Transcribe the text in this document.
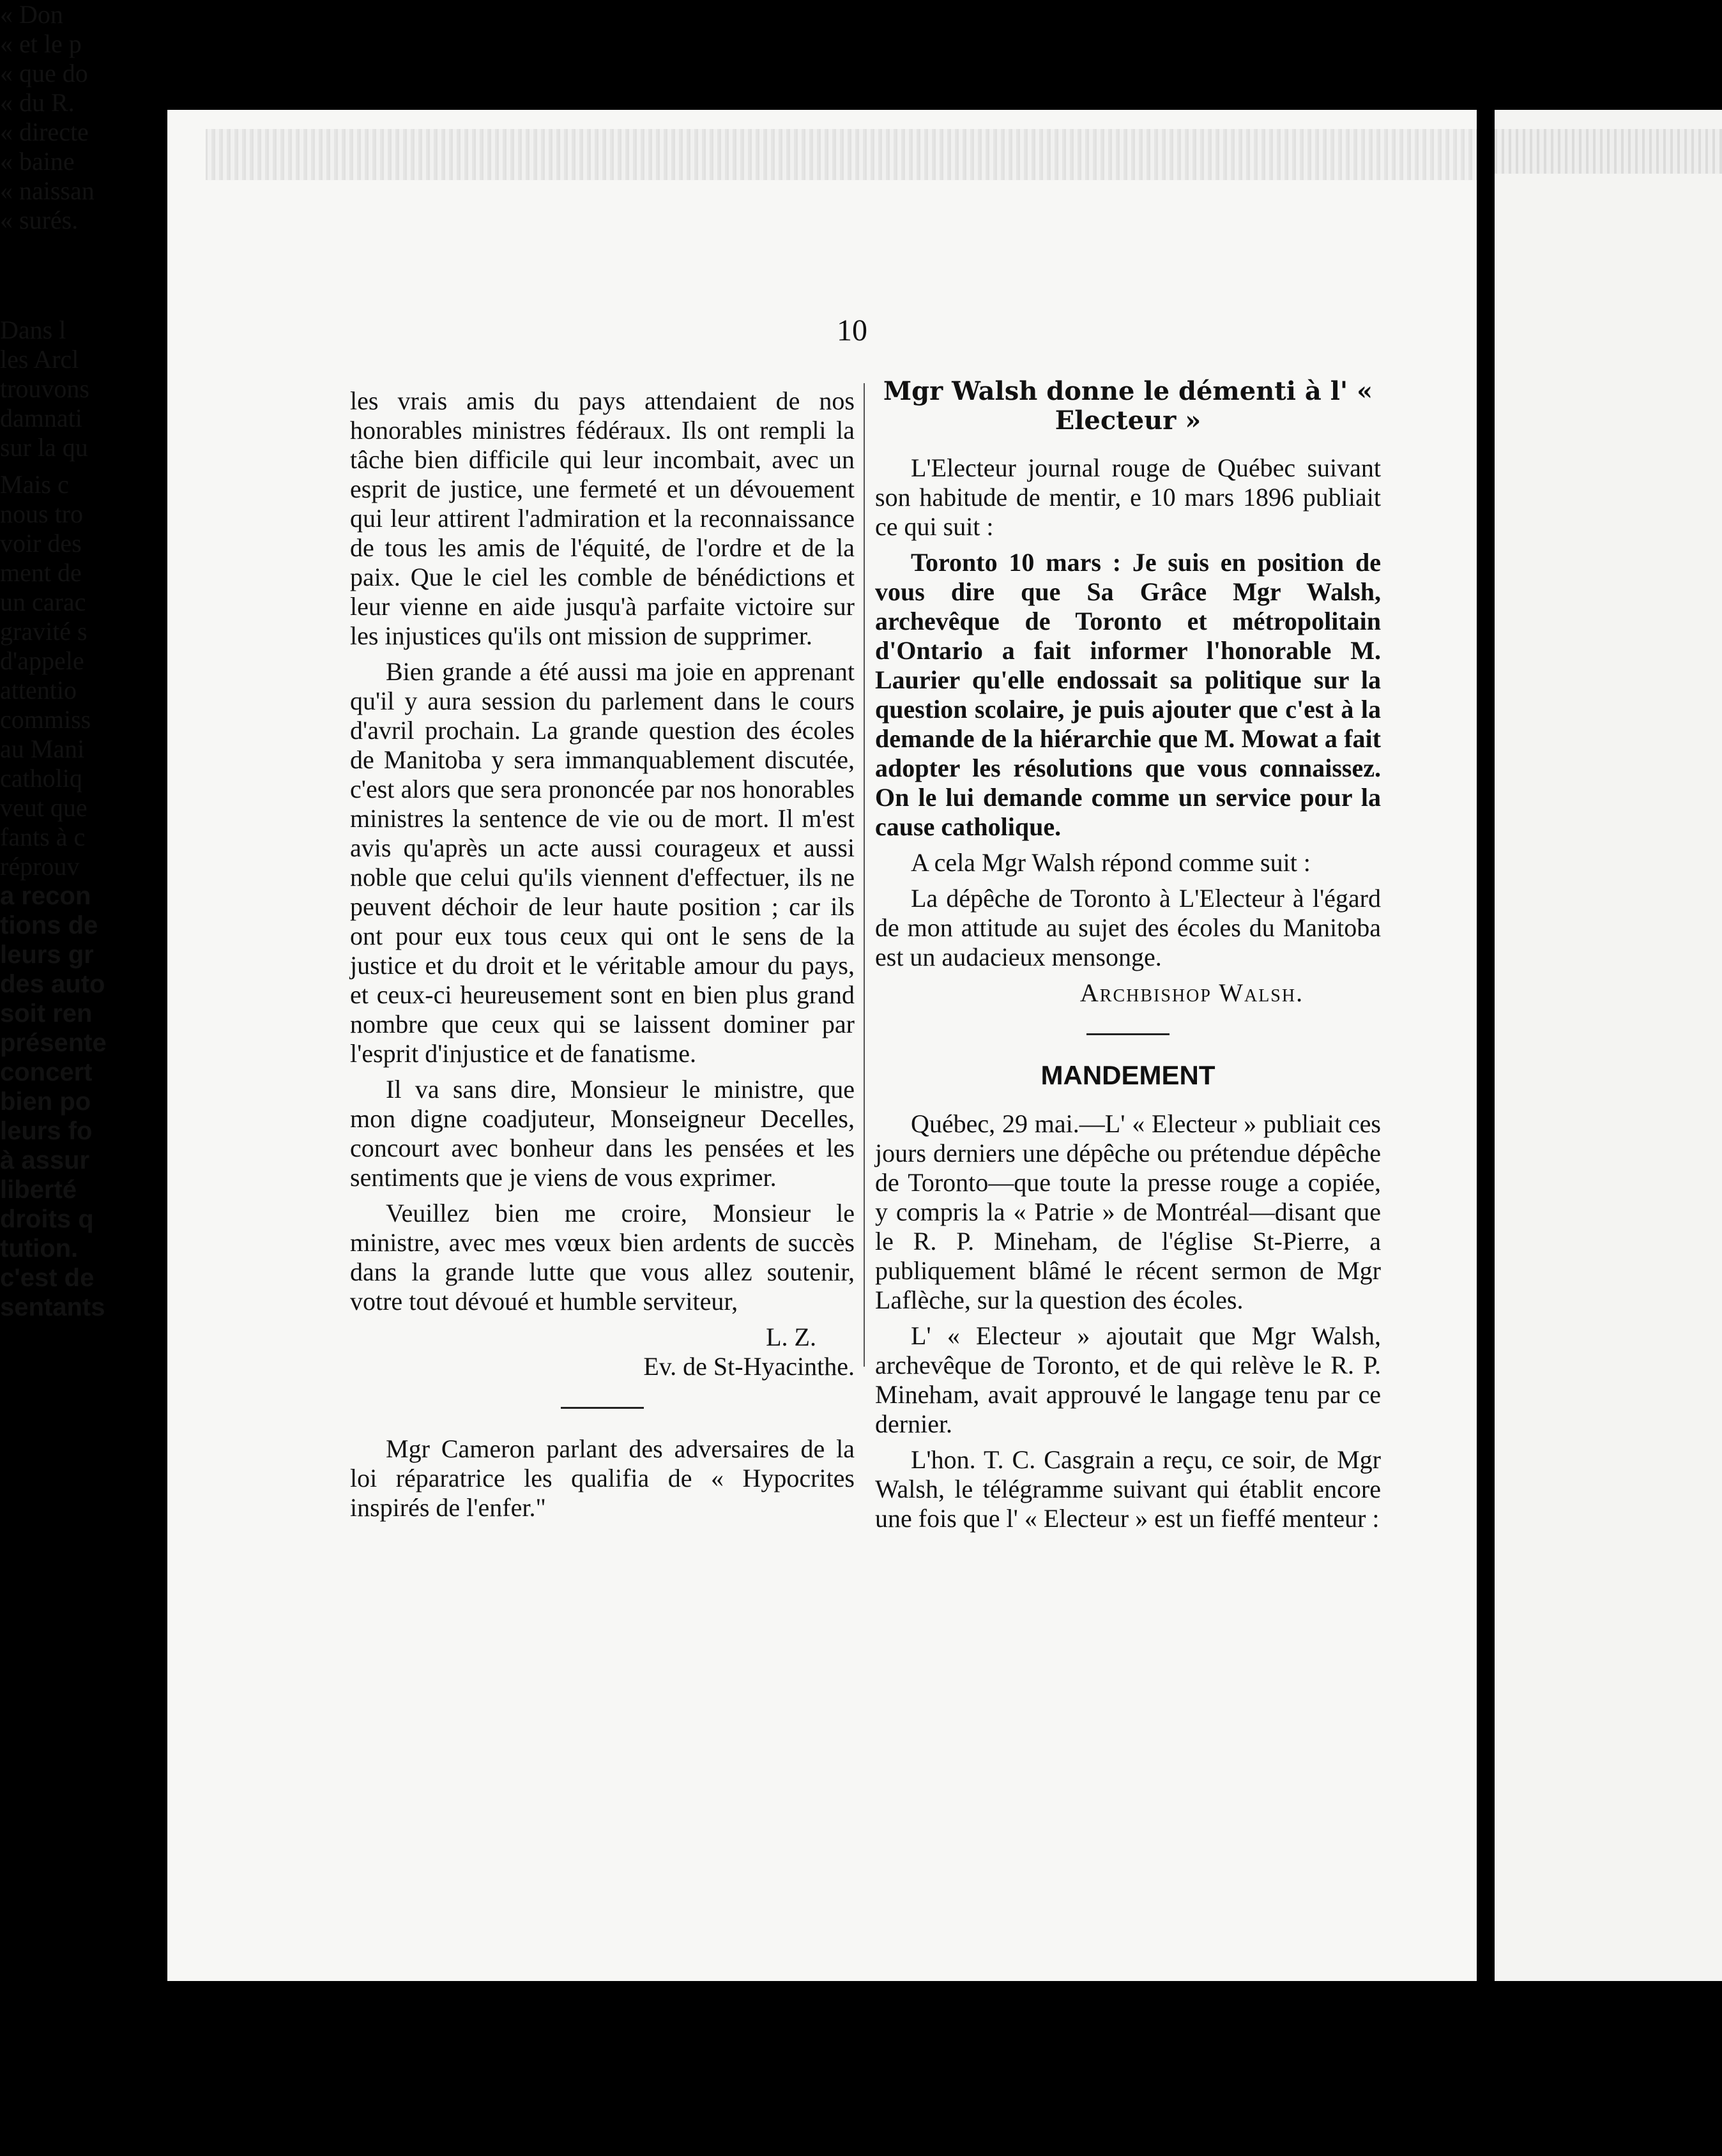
10

les vrais amis du pays attendaient de nos honorables ministres fédéraux. Ils ont rempli la tâche bien difficile qui leur incombait, avec un esprit de justice, une fermeté et un dévouement qui leur attirent l'admiration et la reconnaissance de tous les amis de l'équité, de l'ordre et de la paix. Que le ciel les comble de bénédictions et leur vienne en aide jusqu'à parfaite victoire sur les injustices qu'ils ont mission de supprimer.

Bien grande a été aussi ma joie en apprenant qu'il y aura session du parlement dans le cours d'avril prochain. La grande question des écoles de Manitoba y sera immanquablement discutée, c'est alors que sera prononcée par nos honorables ministres la sentence de vie ou de mort. Il m'est avis qu'après un acte aussi courageux et aussi noble que celui qu'ils viennent d'effectuer, ils ne peuvent déchoir de leur haute position ; car ils ont pour eux tous ceux qui ont le sens de la justice et du droit et le véritable amour du pays, et ceux-ci heureusement sont en bien plus grand nombre que ceux qui se laissent dominer par l'esprit d'injustice et de fanatisme.

Il va sans dire, Monsieur le ministre, que mon digne coadjuteur, Monseigneur Decelles, concourt avec bonheur dans les pensées et les sentiments que je viens de vous exprimer.

Veuillez bien me croire, Monsieur le ministre, avec mes vœux bien ardents de succès dans la grande lutte que vous allez soutenir, votre tout dévoué et humble serviteur,

L. Z.

Ev. de St-Hyacinthe.

Mgr Cameron parlant des adversaires de la loi réparatrice les qualifia de « Hypocrites inspirés de l'enfer."

Mgr Walsh donne le démenti à l' « Electeur »

L'Electeur journal rouge de Québec suivant son habitude de mentir, e 10 mars 1896 publiait ce qui suit :

Toronto 10 mars : Je suis en position de vous dire que Sa Grâce Mgr Walsh, archevêque de Toronto et métropolitain d'Ontario a fait informer l'honorable M. Laurier qu'elle endossait sa politique sur la question scolaire, je puis ajouter que c'est à la demande de la hiérarchie que M. Mowat a fait adopter les résolutions que vous connaissez. On le lui demande comme un service pour la cause catholique.

A cela Mgr Walsh répond comme suit :

La dépêche de Toronto à L'Electeur à l'égard de mon attitude au sujet des écoles du Manitoba est un audacieux mensonge.

Archbishop Walsh.

MANDEMENT

Québec, 29 mai.—L' « Electeur » publiait ces jours derniers une dépêche ou prétendue dépêche de Toronto—que toute la presse rouge a copiée, y compris la « Patrie » de Montréal—disant que le R. P. Mineham, de l'église St-Pierre, a publiquement blâmé le récent sermon de Mgr Laflèche, sur la question des écoles.

L' « Electeur » ajoutait que Mgr Walsh, archevêque de Toronto, et de qui relève le R. P. Mineham, avait approuvé le langage tenu par ce dernier.

L'hon. T. C. Casgrain a reçu, ce soir, de Mgr Walsh, le télégramme suivant qui établit encore une fois que l' « Electeur » est un fieffé menteur :

« Don

« et le p

« que do

« du R.

« directe

« baine

« naissan

« surés.

Dans l

les Arcl

trouvons

damnati

sur la qu

Mais c

nous tro

voir des

ment de

un carac

gravité s

d'appele

attentio

commiss

au Mani

catholiq

veut que

fants à c

réprouv

a recon

tions de

leurs gr

des auto

soit ren

présente

concert

bien po

leurs fo

à assur

liberté

droits q

tution.

c'est de

sentants
